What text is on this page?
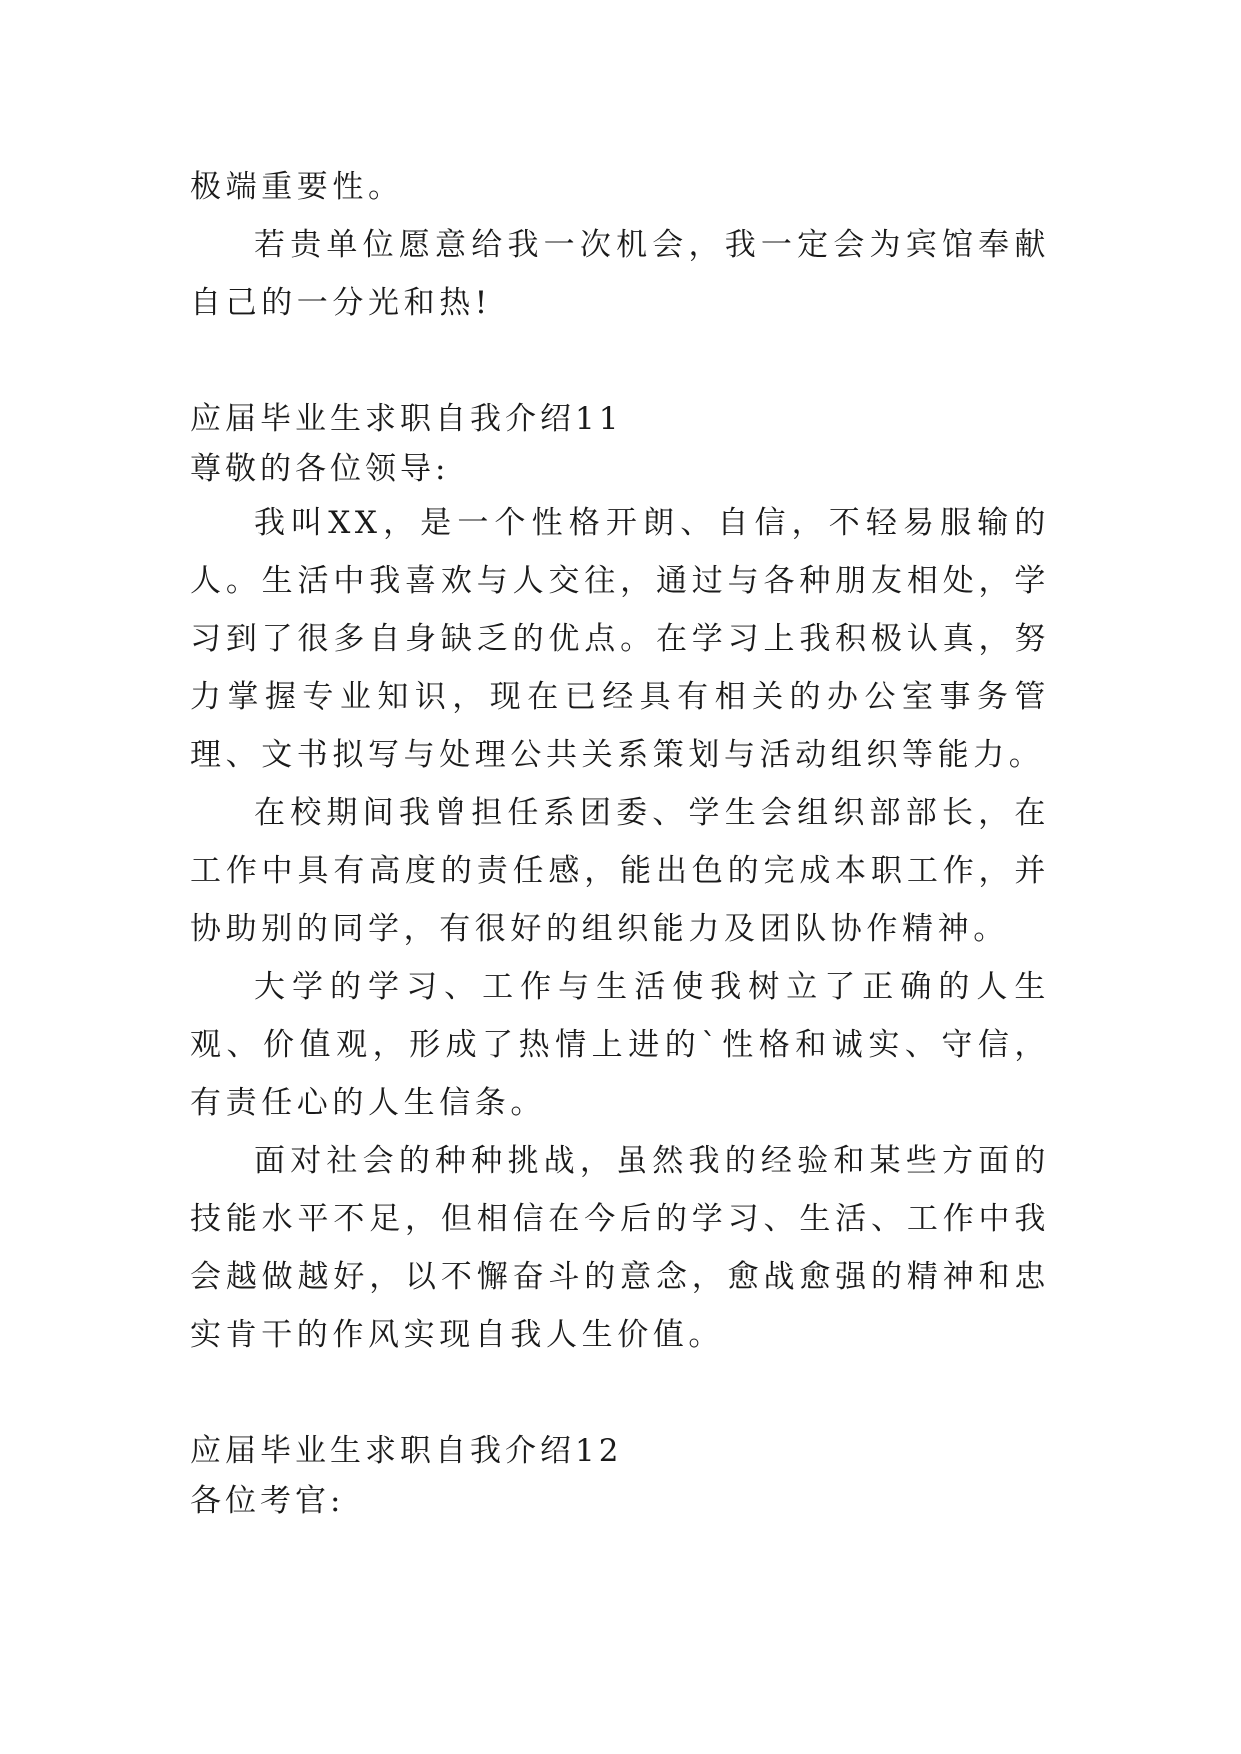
极端重要性。

若贵单位愿意给我一次机会，我一定会为宾馆奉献自己的一分光和热!

应届毕业生求职自我介绍11

尊敬的各位领导:

我叫XX，是一个性格开朗、自信，不轻易服输的人。生活中我喜欢与人交往，通过与各种朋友相处，学习到了很多自身缺乏的优点。在学习上我积极认真，努力掌握专业知识，现在已经具有相关的办公室事务管理、文书拟写与处理公共关系策划与活动组织等能力。

在校期间我曾担任系团委、学生会组织部部长，在工作中具有高度的责任感，能出色的完成本职工作，并协助别的同学，有很好的组织能力及团队协作精神。

大学的学习、工作与生活使我树立了正确的人生观、价值观，形成了热情上进的`性格和诚实、守信，有责任心的人生信条。

面对社会的种种挑战，虽然我的经验和某些方面的技能水平不足，但相信在今后的学习、生活、工作中我会越做越好，以不懈奋斗的意念，愈战愈强的精神和忠实肯干的作风实现自我人生价值。

应届毕业生求职自我介绍12

各位考官:
